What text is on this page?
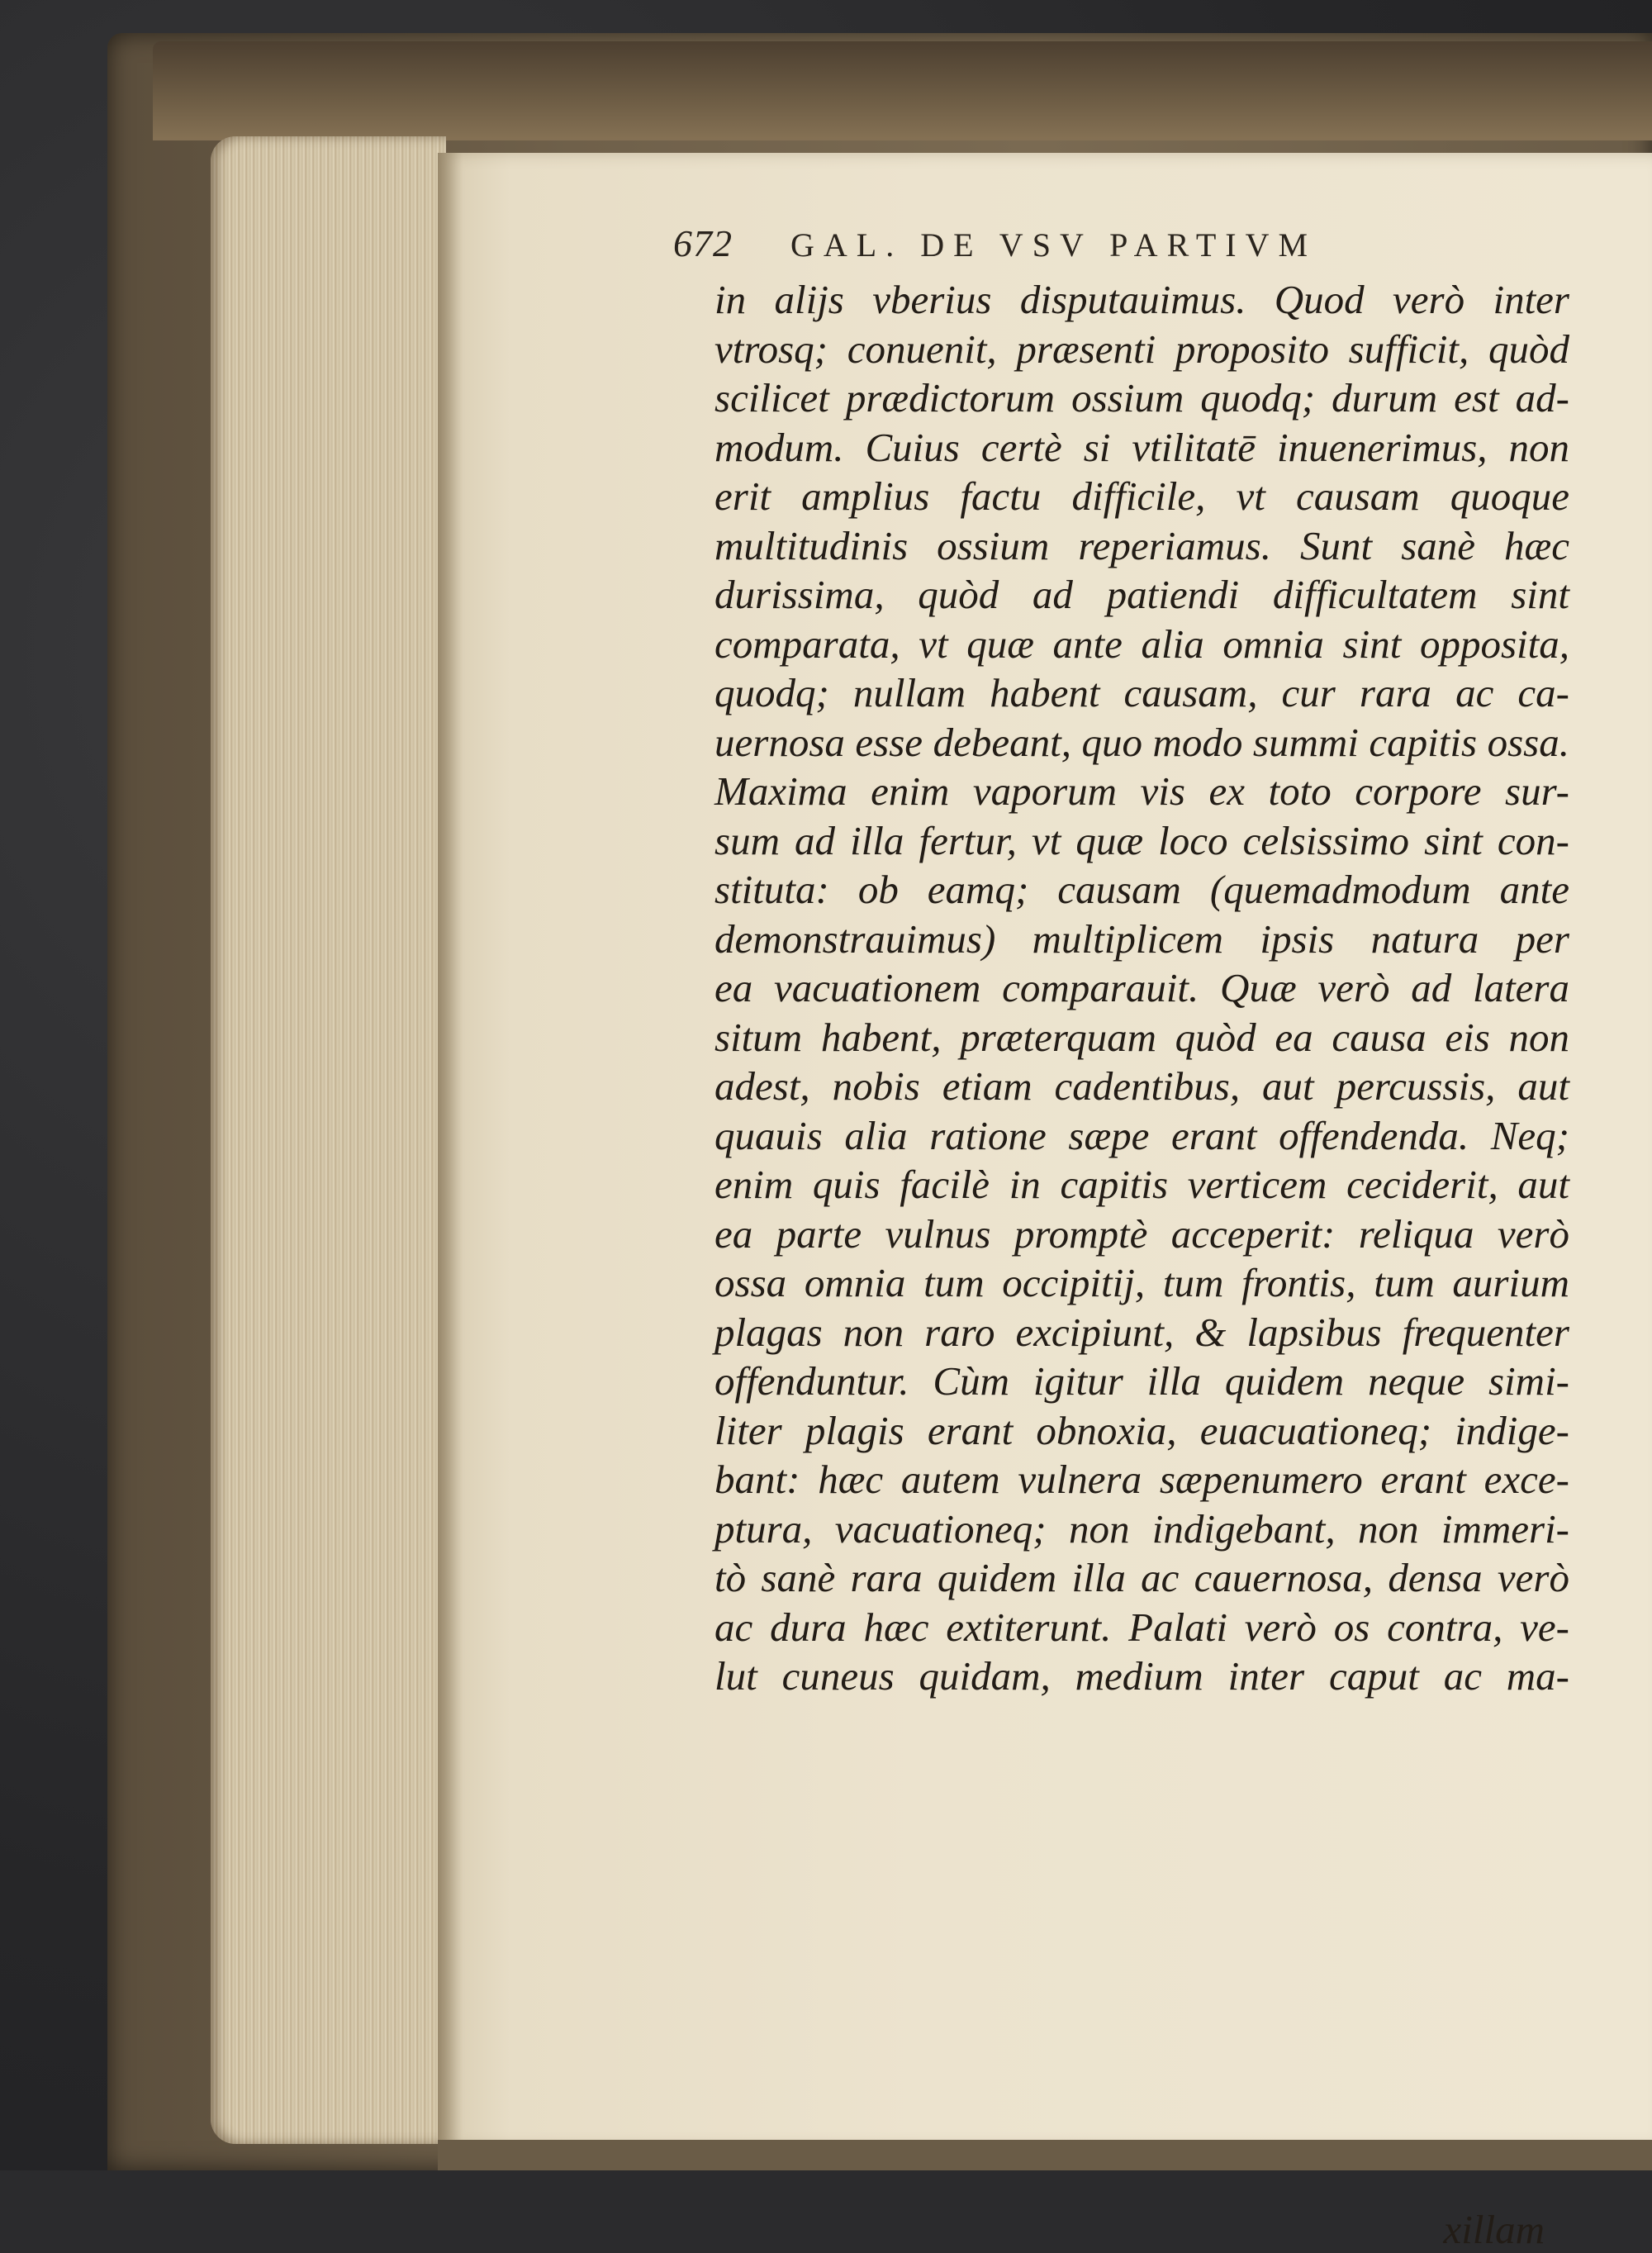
672 GAL. DE VSV PARTIVM
in alijs vberius disputauimus. Quod verò inter
vtrosq; conuenit, præsenti proposito sufficit, quòd
scilicet prædictorum ossium quodq; durum est ad-
modum. Cuius certè si vtilitatē inuenerimus, non
erit amplius factu difficile, vt causam quoque
multitudinis ossium reperiamus. Sunt sanè hæc
durissima, quòd ad patiendi difficultatem sint
comparata, vt quæ ante alia omnia sint opposita,
quodq; nullam habent causam, cur rara ac ca-
uernosa esse debeant, quo modo summi capitis ossa.
Maxima enim vaporum vis ex toto corpore sur-
sum ad illa fertur, vt quæ loco celsissimo sint con-
stituta: ob eamq; causam (quemadmodum ante
demonstrauimus) multiplicem ipsis natura per
ea vacuationem comparauit. Quæ verò ad latera
situm habent, præterquam quòd ea causa eis non
adest, nobis etiam cadentibus, aut percussis, aut
quauis alia ratione sæpe erant offendenda. Neq;
enim quis facilè in capitis verticem ceciderit, aut
ea parte vulnus promptè acceperit: reliqua verò
ossa omnia tum occipitij, tum frontis, tum aurium
plagas non raro excipiunt, & lapsibus frequenter
offenduntur. Cùm igitur illa quidem neque simi-
liter plagis erant obnoxia, euacuationeq; indige-
bant: hæc autem vulnera sæpenumero erant exce-
ptura, vacuationeq; non indigebant, non immeri-
tò sanè rara quidem illa ac cauernosa, densa verò
ac dura hæc extiterunt. Palati verò os contra, ve-
lut cuneus quidam, medium inter caput ac ma-
xillam
